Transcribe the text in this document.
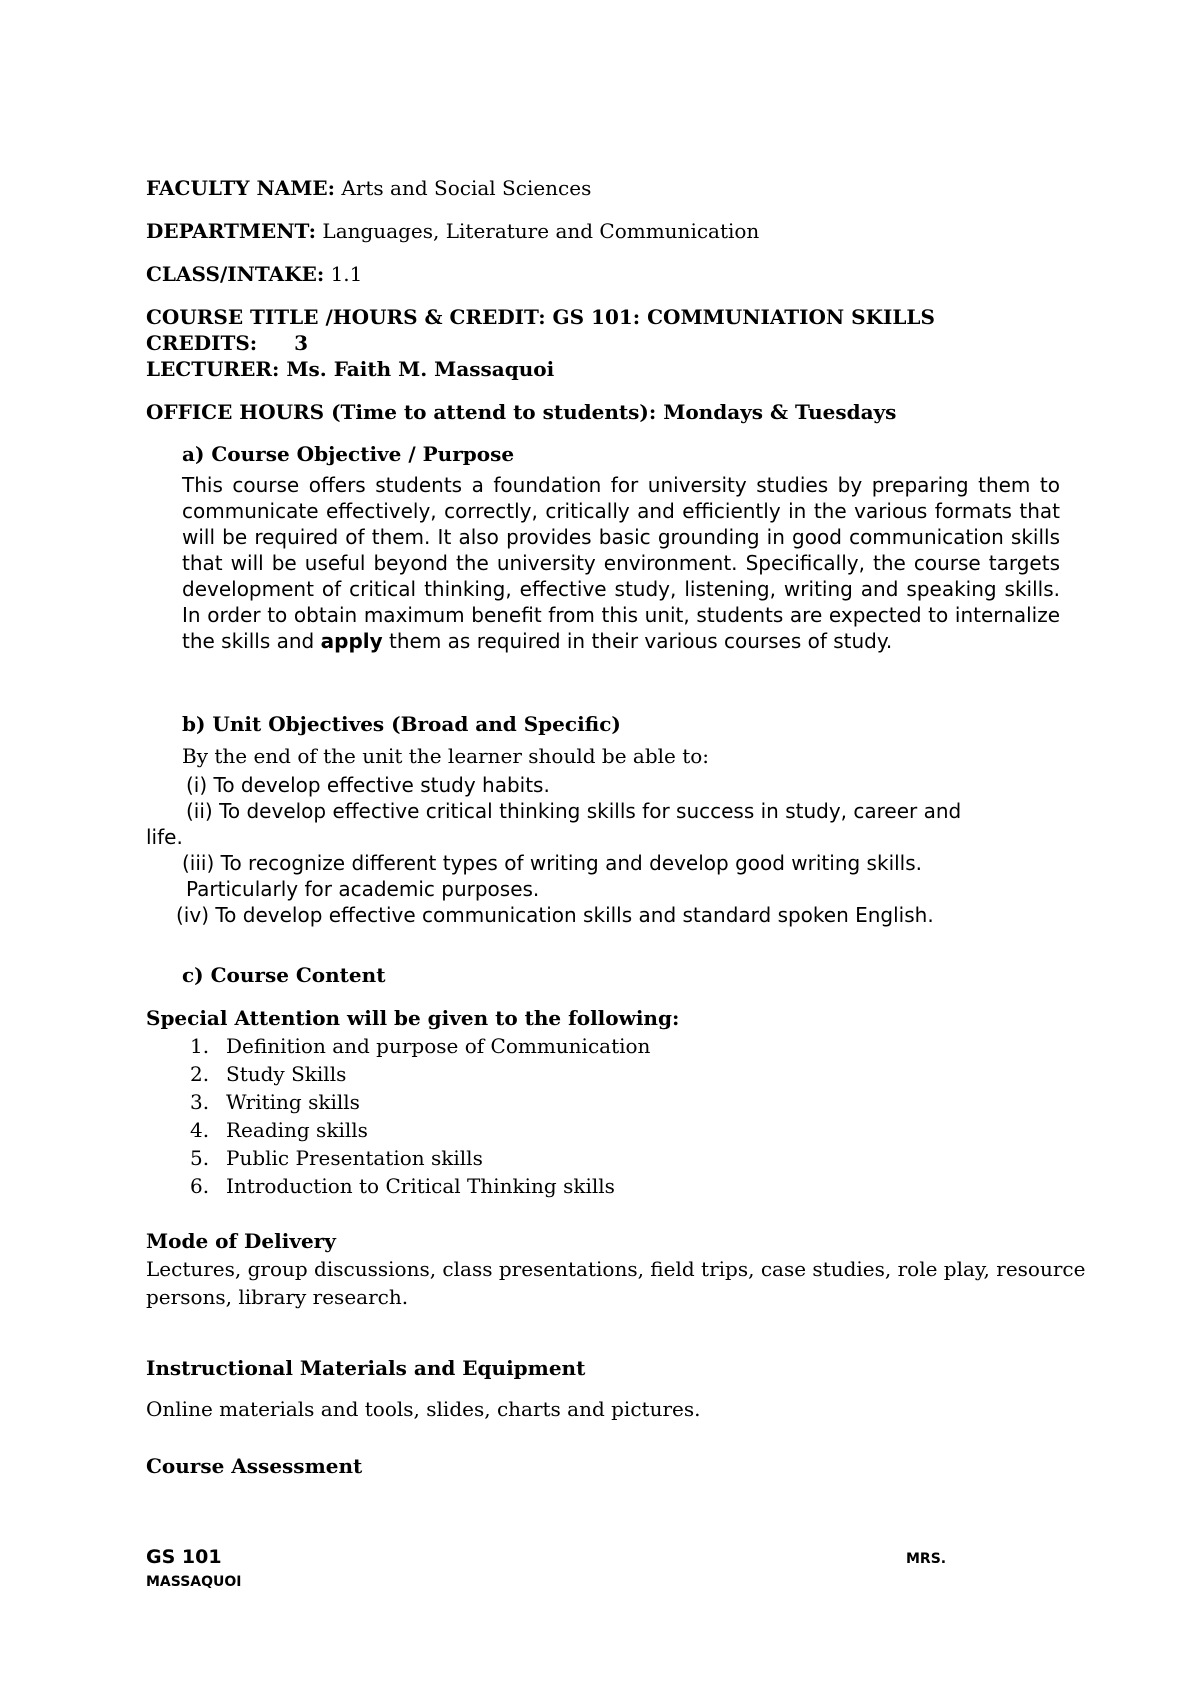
FACULTY NAME: Arts and Social Sciences
DEPARTMENT: Languages, Literature and Communication
CLASS/INTAKE: 1.1
COURSE TITLE /HOURS & CREDIT: GS 101: COMMUNIATION SKILLS
CREDITS: 3
LECTURER: Ms. Faith M. Massaquoi
OFFICE HOURS (Time to attend to students): Mondays & Tuesdays
a) Course Objective / Purpose
This course offers students a foundation for university studies by preparing them to communicate effectively, correctly, critically and efficiently in the various formats that will be required of them. It also provides basic grounding in good communication skills that will be useful beyond the university environment. Specifically, the course targets development of critical thinking, effective study, listening, writing and speaking skills. In order to obtain maximum benefit from this unit, students are expected to internalize the skills and apply them as required in their various courses of study.
b) Unit Objectives (Broad and Specific)
By the end of the unit the learner should be able to:
(i) To develop effective study habits.
(ii) To develop effective critical thinking skills for success in study, career and
life.
(iii) To recognize different types of writing and develop good writing skills.
Particularly for academic purposes.
(iv) To develop effective communication skills and standard spoken English.
c) Course Content
Special Attention will be given to the following:
1. Definition and purpose of Communication
2. Study Skills
3. Writing skills
4. Reading skills
5. Public Presentation skills
6. Introduction to Critical Thinking skills
Mode of Delivery
Lectures, group discussions, class presentations, field trips, case studies, role play, resource
persons, library research.
Instructional Materials and Equipment
Online materials and tools, slides, charts and pictures.
Course Assessment
GS 101	MRS.
MASSAQUOI
